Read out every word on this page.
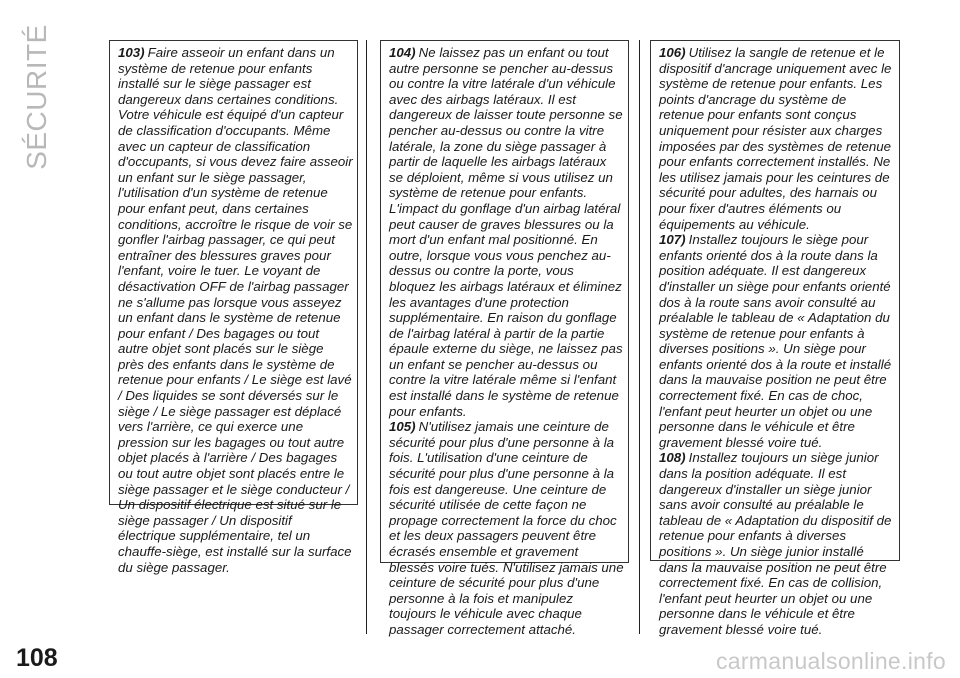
SÉCURITÉ	103) Faire asseoir un enfant dans un système de retenue pour enfants installé sur le siège passager est dangereux dans certaines conditions. Votre véhicule est équipé d'un capteur de classification d'occupants. Même avec un capteur de classification d'occupants, si vous devez faire asseoir un enfant sur le siège passager, l'utilisation d'un système de retenue pour enfant peut, dans certaines conditions, accroître le risque de voir se gonfler l'airbag passager, ce qui peut entraîner des blessures graves pour l'enfant, voire le tuer. Le voyant de désactivation OFF de l'airbag passager ne s'allume pas lorsque vous asseyez un enfant dans le système de retenue pour enfant / Des bagages ou tout autre objet sont placés sur le siège près des enfants dans le système de retenue pour enfants / Le siège est lavé / Des liquides se sont déversés sur le siège / Le siège passager est déplacé vers l'arrière, ce qui exerce une pression sur les bagages ou tout autre objet placés à l'arrière / Des bagages ou tout autre objet sont placés entre le siège passager et le siège conducteur / Un dispositif électrique est situé sur le siège passager / Un dispositif électrique supplémentaire, tel un chauffe-siège, est installé sur la surface du siège passager.

104) Ne laissez pas un enfant ou tout autre personne se pencher au-dessus ou contre la vitre latérale d'un véhicule avec des airbags latéraux. Il est dangereux de laisser toute personne se pencher au-dessus ou contre la vitre latérale, la zone du siège passager à partir de laquelle les airbags latéraux se déploient, même si vous utilisez un système de retenue pour enfants. L'impact du gonflage d'un airbag latéral peut causer de graves blessures ou la mort d'un enfant mal positionné. En outre, lorsque vous vous penchez au-dessus ou contre la porte, vous bloquez les airbags latéraux et éliminez les avantages d'une protection supplémentaire. En raison du gonflage de l'airbag latéral à partir de la partie épaule externe du siège, ne laissez pas un enfant se pencher au-dessus ou contre la vitre latérale même si l'enfant est installé dans le système de retenue pour enfants.

105) N'utilisez jamais une ceinture de sécurité pour plus d'une personne à la fois. L'utilisation d'une ceinture de sécurité pour plus d'une personne à la fois est dangereuse. Une ceinture de sécurité utilisée de cette façon ne propage correctement la force du choc et les deux passagers peuvent être écrasés ensemble et gravement blessés voire tués. N'utilisez jamais une ceinture de sécurité pour plus d'une personne à la fois et manipulez toujours le véhicule avec chaque passager correctement attaché.

106) Utilisez la sangle de retenue et le dispositif d'ancrage uniquement avec le système de retenue pour enfants. Les points d'ancrage du système de retenue pour enfants sont conçus uniquement pour résister aux charges imposées par des systèmes de retenue pour enfants correctement installés. Ne les utilisez jamais pour les ceintures de sécurité pour adultes, des harnais ou pour fixer d'autres éléments ou équipements au véhicule.

107) Installez toujours le siège pour enfants orienté dos à la route dans la position adéquate. Il est dangereux d'installer un siège pour enfants orienté dos à la route sans avoir consulté au préalable le tableau de « Adaptation du système de retenue pour enfants à diverses positions ». Un siège pour enfants orienté dos à la route et installé dans la mauvaise position ne peut être correctement fixé. En cas de choc, l'enfant peut heurter un objet ou une personne dans le véhicule et être gravement blessé voire tué.

108) Installez toujours un siège junior dans la position adéquate. Il est dangereux d'installer un siège junior sans avoir consulté au préalable le tableau de « Adaptation du dispositif de retenue pour enfants à diverses positions ». Un siège junior installé dans la mauvaise position ne peut être correctement fixé. En cas de collision, l'enfant peut heurter un objet ou une personne dans le véhicule et être gravement blessé voire tué.

108	carmanualsonline.info
